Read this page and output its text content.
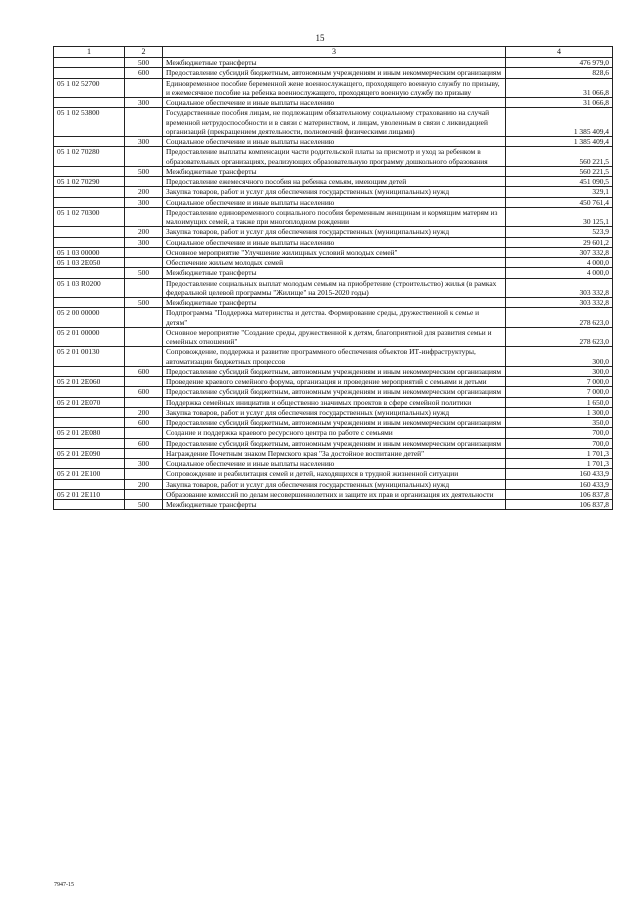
15
1	2	3	4
	500	Межбюджетные трансферты	476 979,0
	600	Предоставление субсидий бюджетным, автономным учреждениям и иным некоммерческим организациям	828,6
05 1 02 52700		Единовременное пособие беременной жене военнослужащего, проходящего военную службу по призыву, и ежемесячное пособие на ребенка военнослужащего, проходящего военную службу по призыву	31 066,8
	300	Социальное обеспечение и иные выплаты населению	31 066,8
05 1 02 53800		Государственные пособия лицам, не подлежащим обязательному социальному страхованию на случай временной нетрудоспособности и в связи с материнством, и лицам, уволенным в связи с ликвидацией организаций (прекращением деятельности, полномочий физическими лицами)	1 385 409,4
	300	Социальное обеспечение и иные выплаты населению	1 385 409,4
05 1 02 70280		Предоставление выплаты компенсации части родительской платы за присмотр и уход за ребенком в образовательных организациях, реализующих образовательную программу дошкольного образования	560 221,5
	500	Межбюджетные трансферты	560 221,5
05 1 02 70290		Предоставление ежемесячного пособия на ребенка семьям, имеющим детей	451 090,5
	200	Закупка товаров, работ и услуг для обеспечения государственных (муниципальных) нужд	329,1
	300	Социальное обеспечение и иные выплаты населению	450 761,4
05 1 02 70300		Предоставление единовременного социального пособия беременным женщинам и кормящим матерям из малоимущих семей, а также при многоплодном рождении	30 125,1
	200	Закупка товаров, работ и услуг для обеспечения государственных (муниципальных) нужд	523,9
	300	Социальное обеспечение и иные выплаты населению	29 601,2
05 1 03 00000		Основное мероприятие "Улучшение жилищных условий молодых семей"	307 332,8
05 1 03 2E050		Обеспечение жильем молодых семей	4 000,0
	500	Межбюджетные трансферты	4 000,0
05 1 03 R0200		Предоставление социальных выплат молодым семьям на приобретение (строительство) жилья (в рамках федеральной целевой программы "Жилище" на 2015-2020 годы)	303 332,8
	500	Межбюджетные трансферты	303 332,8
05 2 00 00000		Подпрограмма "Поддержка материнства и детства. Формирование среды, дружественной к семье и детям"	278 623,0
05 2 01 00000		Основное мероприятие "Создание среды, дружественной к детям, благоприятной для развития семьи и семейных отношений"	278 623,0
05 2 01 00130		Сопровождение, поддержка и развитие программного обеспечения объектов ИТ-инфраструктуры, автоматизации бюджетных процессов	300,0
	600	Предоставление субсидий бюджетным, автономным учреждениям и иным некоммерческим организациям	300,0
05 2 01 2E060		Проведение краевого семейного форума, организация и проведение мероприятий с семьями и детьми	7 000,0
	600	Предоставление субсидий бюджетным, автономным учреждениям и иным некоммерческим организациям	7 000,0
05 2 01 2E070		Поддержка семейных инициатив и общественно значимых проектов в сфере семейной политики	1 650,0
	200	Закупка товаров, работ и услуг для обеспечения государственных (муниципальных) нужд	1 300,0
	600	Предоставление субсидий бюджетным, автономным учреждениям и иным некоммерческим организациям	350,0
05 2 01 2E080		Создание и поддержка краевого ресурсного центра по работе с семьями	700,0
	600	Предоставление субсидий бюджетным, автономным учреждениям и иным некоммерческим организациям	700,0
05 2 01 2E090		Награждение Почетным знаком Пермского края "За достойное воспитание детей"	1 701,3
	300	Социальное обеспечение и иные выплаты населению	1 701,3
05 2 01 2E100		Сопровождение и реабилитация семей и детей, находящихся в трудной жизненной ситуации	160 433,9
	200	Закупка товаров, работ и услуг для обеспечения государственных (муниципальных) нужд	160 433,9
05 2 01 2E110		Образование комиссий по делам несовершеннолетних и защите их прав и организация их деятельности	106 837,8
	500	Межбюджетные трансферты	106 837,8
7947-15
